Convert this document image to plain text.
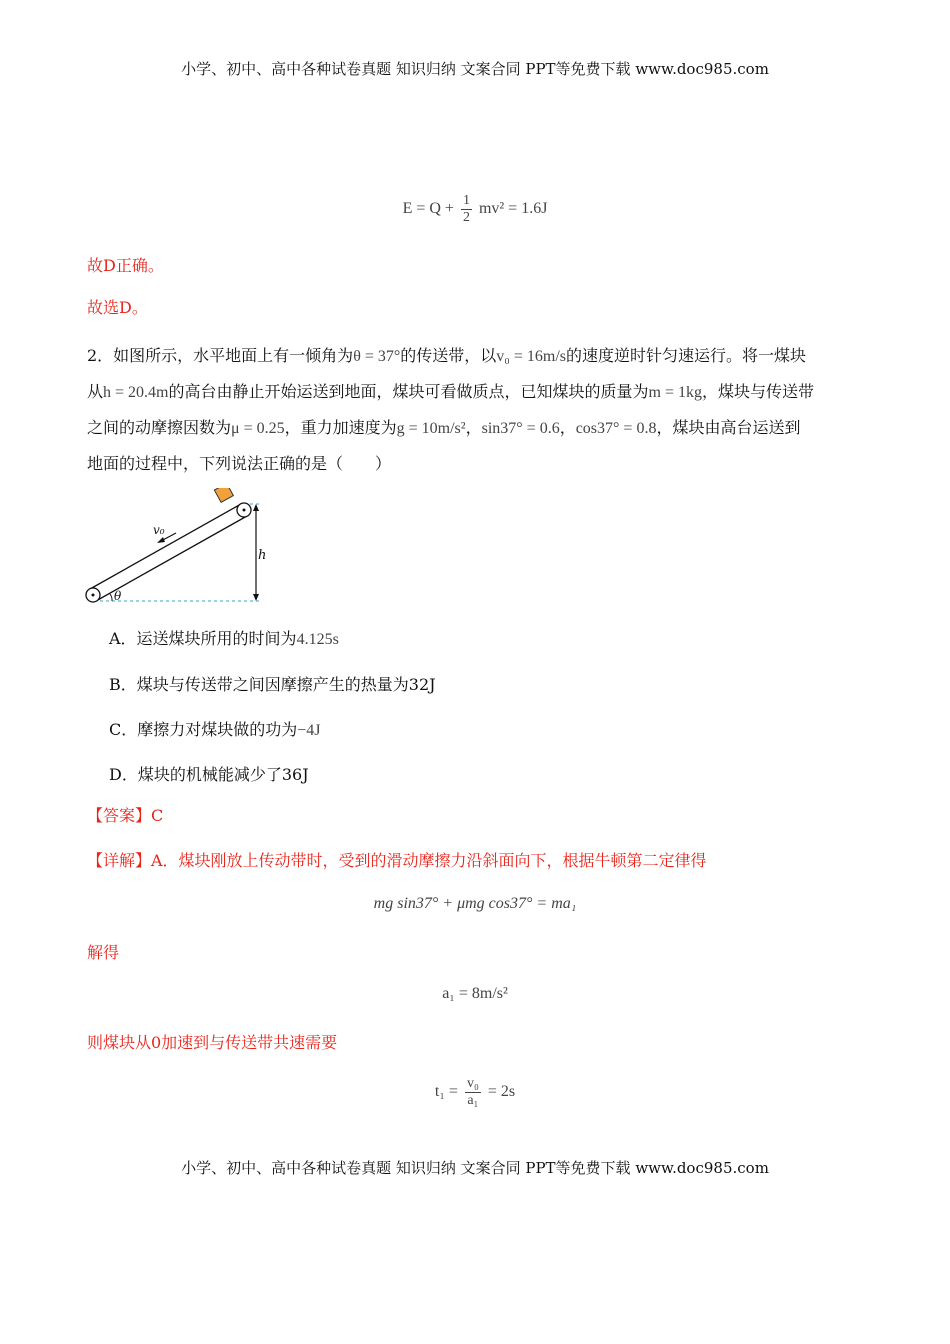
小学、初中、高中各种试卷真题 知识归纳 文案合同 PPT等免费下载 www.doc985.com
$E = Q + \frac{1}{2} mv^2 = 1.6J$
故D正确。
故选D。
2．如图所示，水平地面上有一倾角为θ = 37°的传送带，以v₀ = 16m/s的速度逆时针匀速运行。将一煤块
从h = 20.4m的高台由静止开始运送到地面，煤块可看做质点，已知煤块的质量为m = 1kg，煤块与传送带
之间的动摩擦因数为μ = 0.25，重力加速度为g = 10m/s²，sin37° = 0.6，cos37° = 0.8，煤块由高台运送到
地面的过程中，下列说法正确的是（　　）
v₀
h
θ
A．运送煤块所用的时间为4.125s
B．煤块与传送带之间因摩擦产生的热量为32J
C．摩擦力对煤块做的功为−4J
D．煤块的机械能减少了36J
【答案】C
【详解】A．煤块刚放上传动带时，受到的滑动摩擦力沿斜面向下，根据牛顿第二定律得
mg sin37° + μmg cos37° = ma₁
解得
a₁ = 8m/s²
则煤块从0加速到与传送带共速需要
$t_1 = \frac{\text{v₀}}{\text{a₁}} = 2s$
小学、初中、高中各种试卷真题 知识归纳 文案合同 PPT等免费下载 www.doc985.com
